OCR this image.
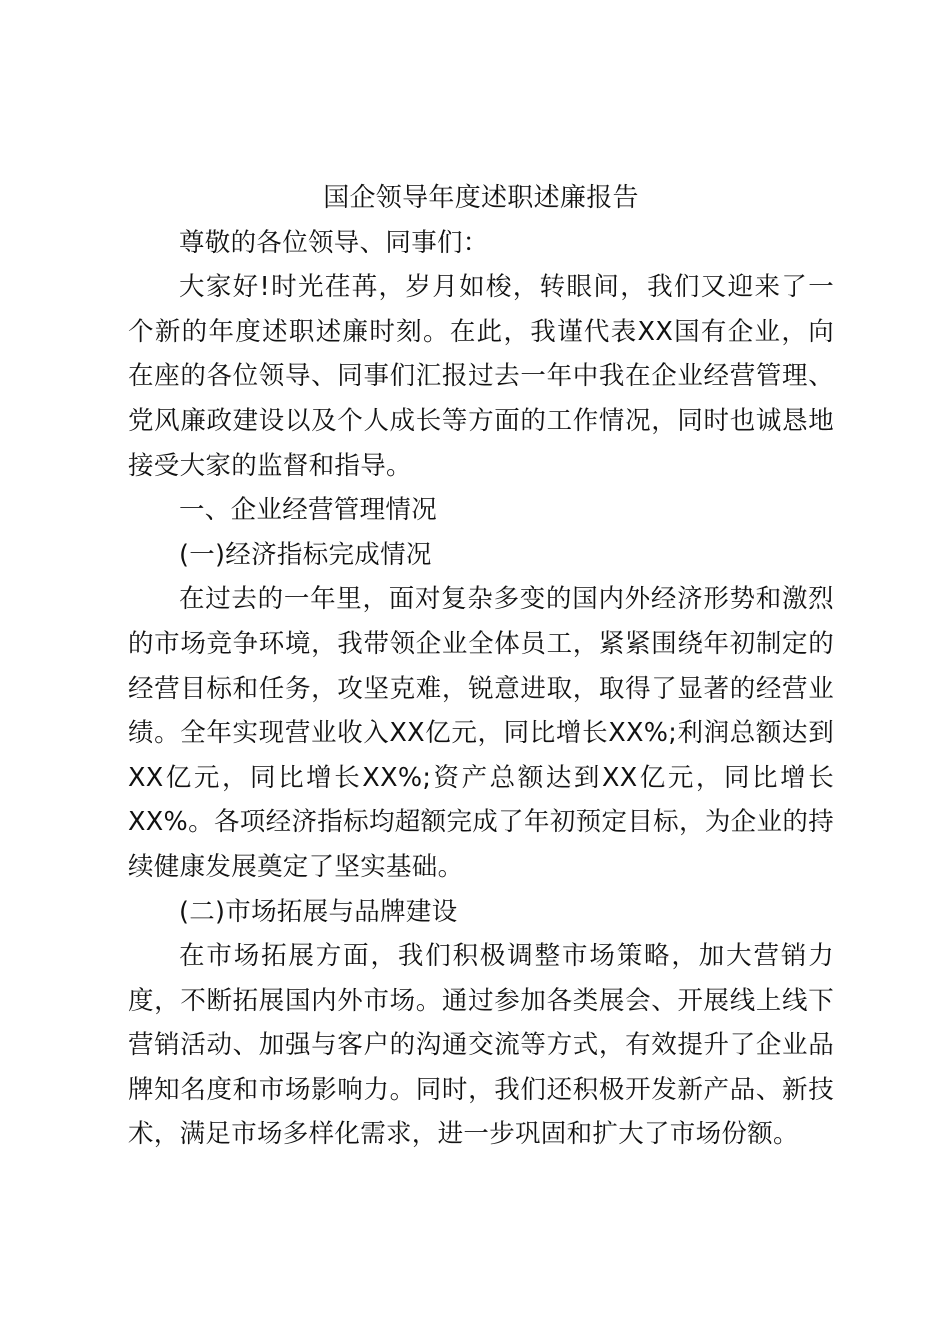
国企领导年度述职述廉报告

尊敬的各位领导、同事们：

大家好!时光荏苒，岁月如梭，转眼间，我们又迎来了一个新的年度述职述廉时刻。在此，我谨代表XX国有企业，向在座的各位领导、同事们汇报过去一年中我在企业经营管理、党风廉政建设以及个人成长等方面的工作情况，同时也诚恳地接受大家的监督和指导。

一、企业经营管理情况

(一)经济指标完成情况

在过去的一年里，面对复杂多变的国内外经济形势和激烈的市场竞争环境，我带领企业全体员工，紧紧围绕年初制定的经营目标和任务，攻坚克难，锐意进取，取得了显著的经营业绩。全年实现营业收入XX亿元，同比增长XX%;利润总额达到XX亿元，同比增长XX%;资产总额达到XX亿元，同比增长XX%。各项经济指标均超额完成了年初预定目标，为企业的持续健康发展奠定了坚实基础。

(二)市场拓展与品牌建设

在市场拓展方面，我们积极调整市场策略，加大营销力度，不断拓展国内外市场。通过参加各类展会、开展线上线下营销活动、加强与客户的沟通交流等方式，有效提升了企业品牌知名度和市场影响力。同时，我们还积极开发新产品、新技术，满足市场多样化需求，进一步巩固和扩大了市场份额。
